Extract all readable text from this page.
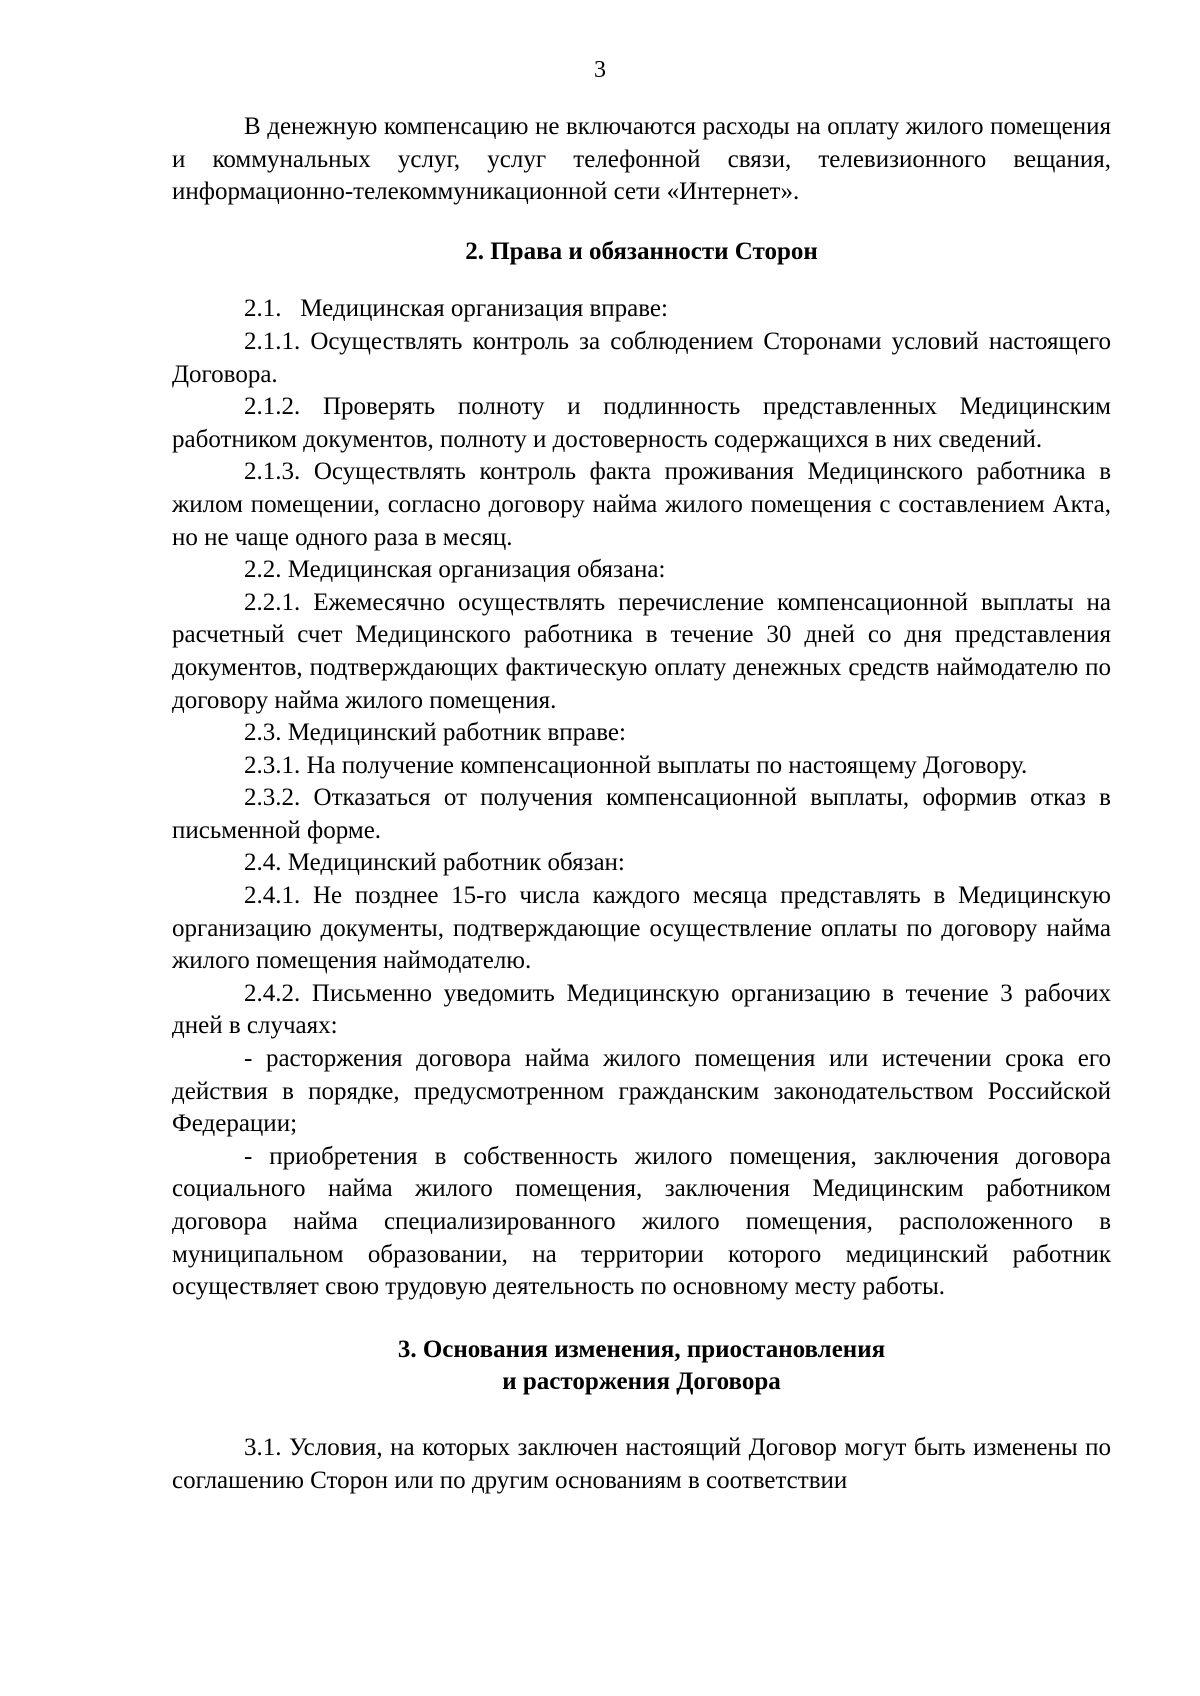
3

В денежную компенсацию не включаются расходы на оплату жилого помещения и коммунальных услуг, услуг телефонной связи, телевизионного вещания, информационно-телекоммуникационной сети «Интернет».

2. Права и обязанности Сторон

2.1.   Медицинская организация вправе:

2.1.1. Осуществлять контроль за соблюдением Сторонами условий настоящего Договора.

2.1.2. Проверять полноту и подлинность представленных Медицинским работником документов, полноту и достоверность содержащихся в них сведений.

2.1.3. Осуществлять контроль факта проживания Медицинского работника в жилом помещении, согласно договору найма жилого помещения с составлением Акта, но не чаще одного раза в месяц.

2.2. Медицинская организация обязана:

2.2.1. Ежемесячно осуществлять перечисление компенсационной выплаты на расчетный счет Медицинского работника в течение 30 дней со дня представления документов, подтверждающих фактическую оплату денежных средств наймодателю по договору найма жилого помещения.

2.3. Медицинский работник вправе:

2.3.1. На получение компенсационной выплаты по настоящему Договору.

2.3.2. Отказаться от получения компенсационной выплаты, оформив отказ в письменной форме.

2.4. Медицинский работник обязан:

2.4.1. Не позднее 15-го числа каждого месяца представлять в Медицинскую организацию документы, подтверждающие осуществление оплаты по договору найма жилого помещения наймодателю.

2.4.2. Письменно уведомить Медицинскую организацию в течение 3 рабочих дней в случаях:

- расторжения договора найма жилого помещения или истечении срока его действия в порядке, предусмотренном гражданским законодательством Российской Федерации;

- приобретения в собственность жилого помещения, заключения договора социального найма жилого помещения, заключения Медицинским работником договора найма специализированного жилого помещения, расположенного в муниципальном образовании, на территории которого медицинский работник осуществляет свою трудовую деятельность по основному месту работы.

3. Основания изменения, приостановления
и расторжения Договора

3.1. Условия, на которых заключен настоящий Договор могут быть изменены по соглашению Сторон или по другим основаниям в соответствии
